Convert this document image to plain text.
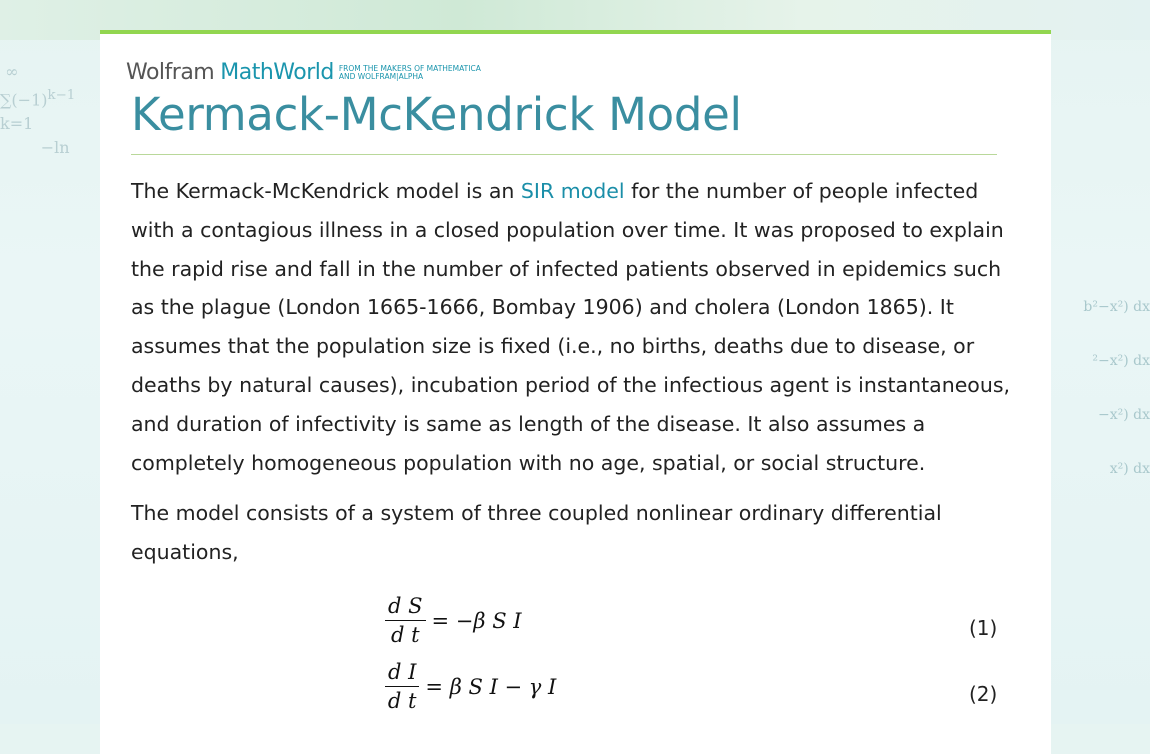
∞
$\sum(-1)^{k-1}$
k=1
−ln
b²−x²) dx
²−x²) dx
−x²) dx
x²) dx
Wolfram MathWorld FROM THE MAKERS OF MATHEMATICA
AND WOLFRAM|ALPHA
Kermack-McKendrick Model

The Kermack-McKendrick model is an SIR model for the number of people infected with a contagious illness in a closed population over time. It was proposed to explain the rapid rise and fall in the number of infected patients observed in epidemics such as the plague (London 1665-1666, Bombay 1906) and cholera (London 1865). It assumes that the population size is fixed (i.e., no births, deaths due to disease, or deaths by natural causes), incubation period of the infectious agent is instantaneous, and duration of infectivity is same as length of the disease. It also assumes a completely homogeneous population with no age, spatial, or social structure.

The model consists of a system of three coupled nonlinear ordinary differential equations,

$\frac{\text{d S}}{\text{d t}} = -\beta$ S I	(1)
$\frac{\text{d I}}{\text{d t}} = \beta$ S I − γ I	(2)
